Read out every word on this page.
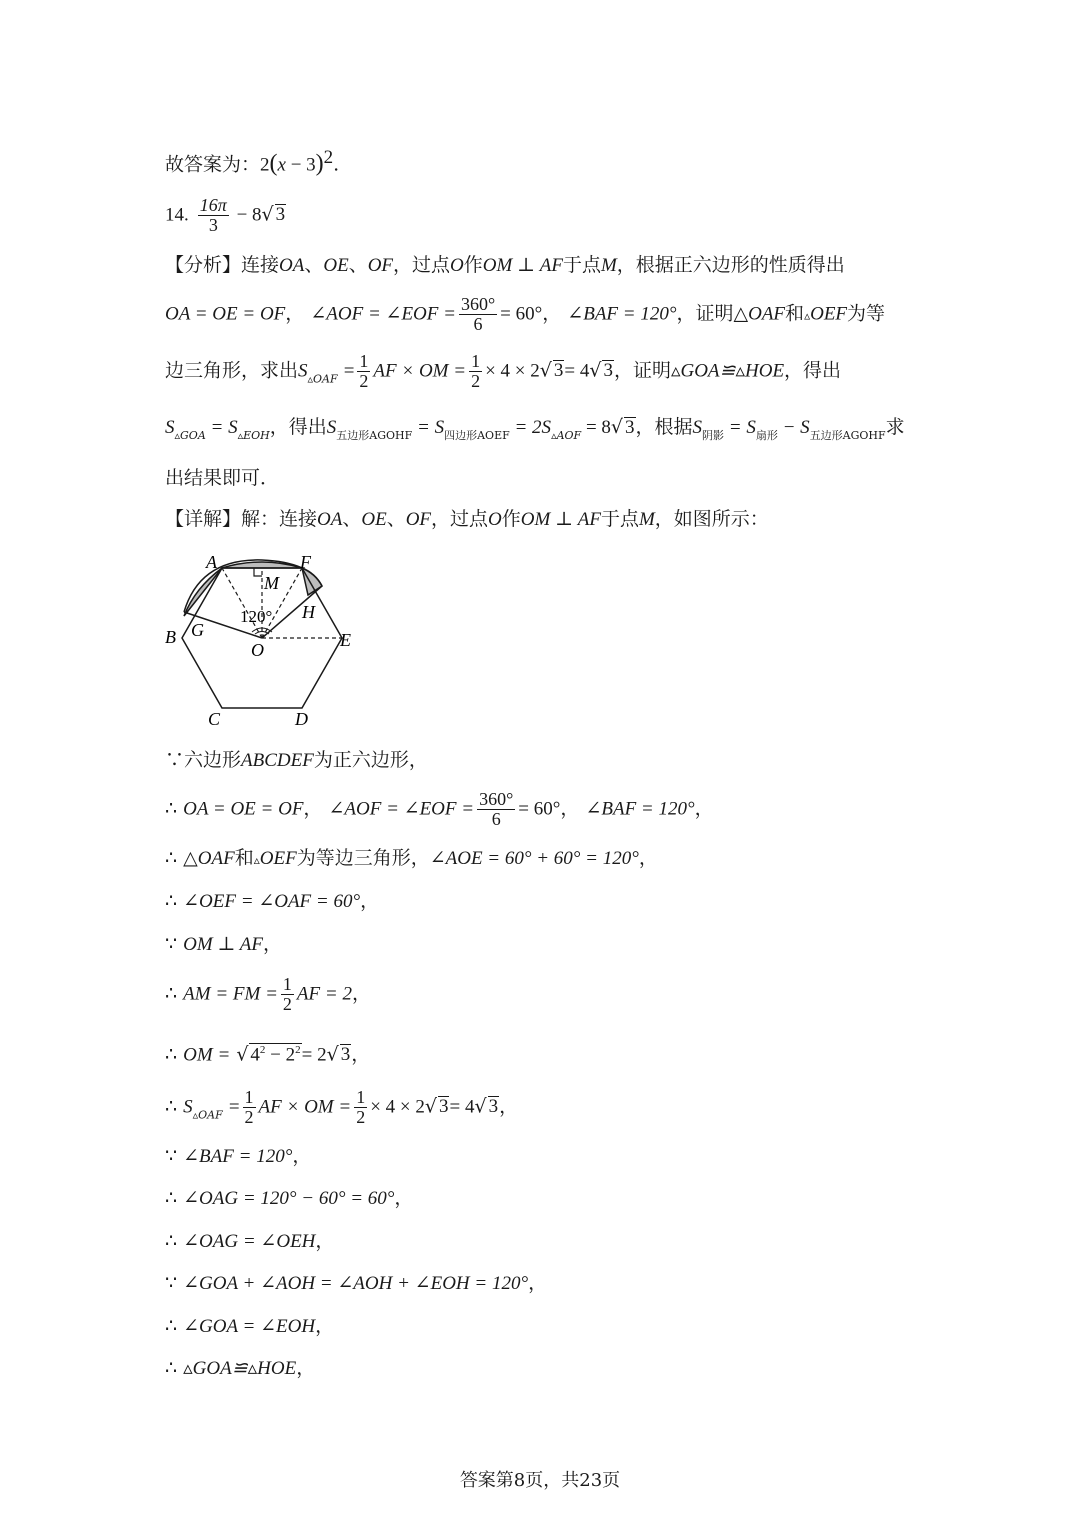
故答案为：$2(x - 3)^2$.
14. $\frac{16\pi}{3} - 8√$ 3
【分析】连接OA、OE、OF，过点O作OM ⊥ AF于点M，根据正六边形的性质得出
OA = OE = OF， ∠AOF = ∠EOF = $\frac{360^\circ}{6} = 60^\circ$， ∠BAF = 120°，证明△OAF和▵OEF为等
边三角形，求出$S_{▵OAF} = \frac{1}{2}$ AF × OM = $\frac{1}{2} \times 4 \times 2√$ 3= 4√ 3，证明▵GOA≌▵HOE，得出
$S_{▵GOA} = S_{▵EOH}$，得出$S_{五边形AGOHF} = S_{四边形AOEF} = 2S_{▵AOF} = 8√$ 3，根据$S_{阴影} = S_{扇形} - S_{五边形AGOHF}$求
出结果即可．
【详解】解：连接OA、OE、OF，过点O作OM ⊥ AF于点M，如图所示：
A	F
M
120° H
G
B
O	E
C	D
∵六边形ABCDEF为正六边形，
∴ OA = OE = OF， ∠AOF = ∠EOF = $\frac{360^\circ}{6} = 60^\circ$， ∠BAF = 120°，
∴ △OAF和▵OEF为等边三角形，∠AOE = 60° + 60° = 120°，
∴ ∠OEF = ∠OAF = 60°，
∵ OM ⊥ AF，
∴ AM = FM = $\frac{1}{2}$ AF = 2，
∴ OM = √ $4^2 - 2^2= 2√$ 3，
∴ $S_{▵OAF} = \frac{1}{2}$ AF × OM = $\frac{1}{2} \times 4 \times 2√$ 3= 4√ 3，
∵ ∠BAF = 120°，
∴ ∠OAG = 120° − 60° = 60°，
∴ ∠OAG = ∠OEH，
∵ ∠GOA + ∠AOH = ∠AOH + ∠EOH = 120°，
∴ ∠GOA = ∠EOH，
∴ ▵GOA≌▵HOE，
答案第8页，共23页
